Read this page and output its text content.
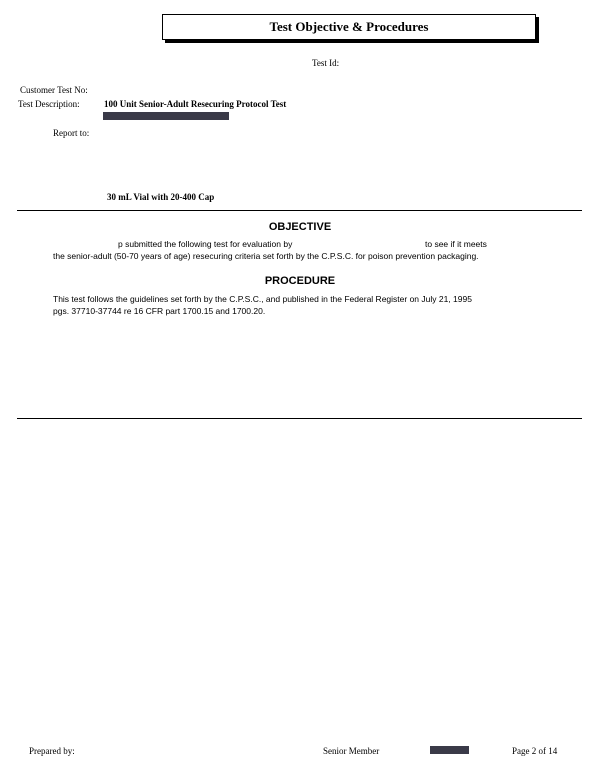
Test Objective & Procedures
Test Id:
Customer Test No:
Test Description:	100 Unit Senior-Adult Resecuring Protocol Test
Report to:
30 mL Vial with 20-400 Cap
OBJECTIVE
p submitted the following test for evaluation by	to see if it meets
the senior-adult (50-70 years of age) resecuring criteria set forth by the C.P.S.C. for poison prevention packaging.
PROCEDURE
This test follows the guidelines set forth by the C.P.S.C., and published in the Federal Register on July 21, 1995
pgs. 37710-37744 re 16 CFR part 1700.15 and 1700.20.
Prepared by:	Senior Member	Page 2 of 14
